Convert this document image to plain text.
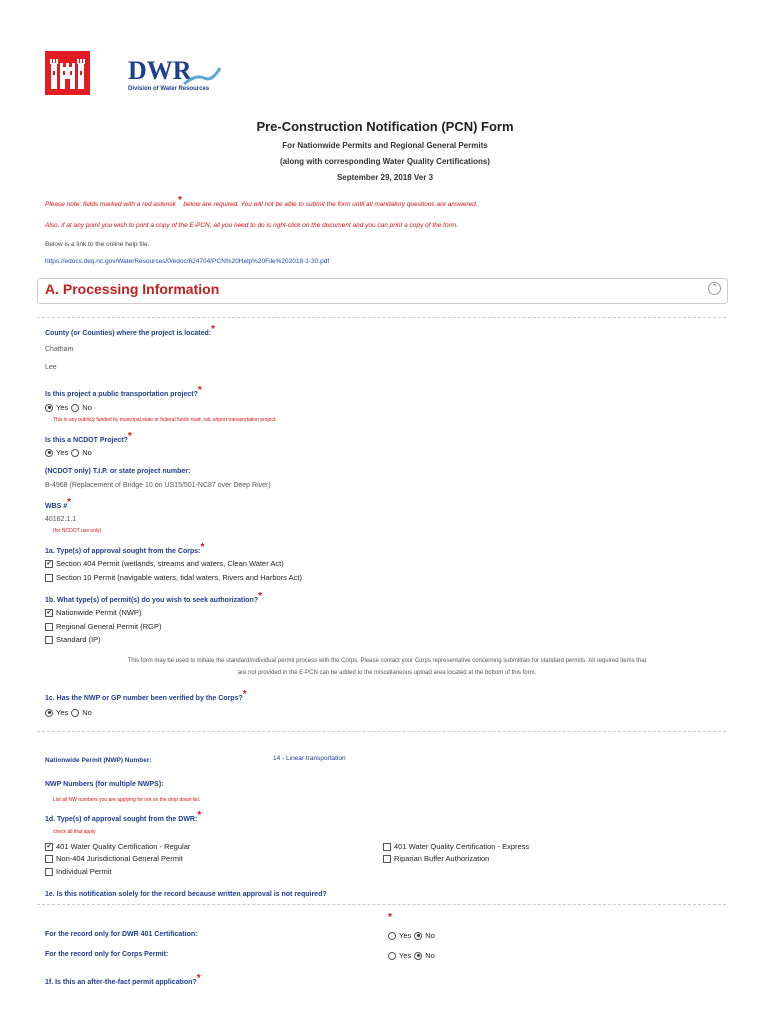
DWR
Division of Water Resources
Pre-Construction Notification (PCN) Form
For Nationwide Permits and Regional General Permits
(along with corresponding Water Quality Certifications)
September 29, 2018 Ver 3
Please note: fields marked with a red asterisk * below are required. You will not be able to submit the form until all mandatory questions are answered.
Also, if at any point you wish to print a copy of the E-PCN, all you need to do is right-click on the document and you can print a copy of the form.
Below is a link to the online help file.
https://edocs.deq.nc.gov/WaterResources/0/edoc/624704/PCN%20Help%20File%202018-1-30.pdf
A. Processing Information	⌃
County (or Counties) where the project is located:*
Chatham
Lee
Is this project a public transportation project?*
Yes No
This is any publicly funded by municipal,state or federal funds road, rail, airport transportation project.
Is this a NCDOT Project?*
Yes No
(NCDOT only) T.I.P. or state project number:
B-4968 (Replacement of Bridge 10 on US15/501-NC87 over Deep River)
WBS #*
40162.1.1
(for NCDOT use only)
1a. Type(s) of approval sought from the Corps:*
✔ Section 404 Permit (wetlands, streams and waters, Clean Water Act)
Section 10 Permit (navigable waters, tidal waters, Rivers and Harbors Act)
1b. What type(s) of permit(s) do you wish to seek authorization?*
✔ Nationwide Permit (NWP)
Regional General Permit (RGP)
Standard (IP)
This form may be used to initiate the standard/individual permit process with the Corps. Please contact your Corps representative concerning submittals for standard permits. All required items that
are not provided in the E-PCN can be added to the miscellaneous upload area located at the bottom of this form.
1c. Has the NWP or GP number been verified by the Corps?*
Yes No
Nationwide Permit (NWP) Number:	14 - Linear transportation
NWP Numbers (for multiple NWPS):
List all NW numbers you are applying for not on the drop down list.
1d. Type(s) of approval sought from the DWR:*
check all that apply
✔ 401 Water Quality Certification - Regular
Non-404 Jurisdictional General Permit
Individual Permit
401 Water Quality Certification - Express
Riparian Buffer Authorization
1e. Is this notification solely for the record because written approval is not required?
*
For the record only for DWR 401 Certification:	Yes No
For the record only for Corps Permit:	Yes No
1f. Is this an after-the-fact permit application?*
